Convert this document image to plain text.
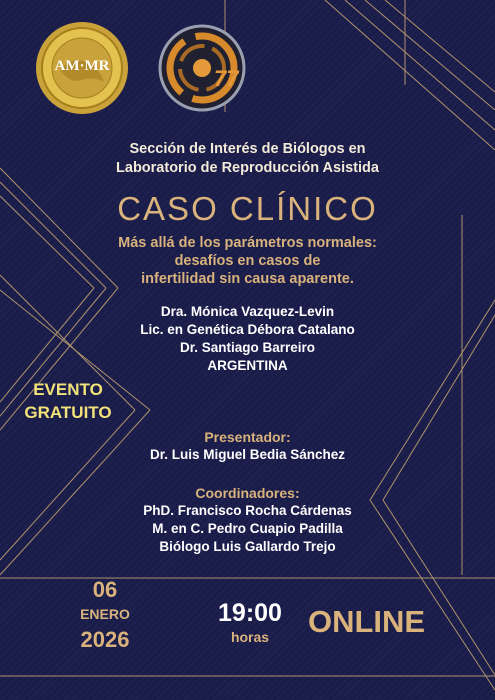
AM·MR	77
Sección de Interés de Biólogos en
Laboratorio de Reproducción Asistida
CASO CLÍNICO
Más allá de los parámetros normales:
desafíos en casos de
infertilidad sin causa aparente.
Dra. Mónica Vazquez-Levin
Lic. en Genética Débora Catalano
Dr. Santiago Barreiro
ARGENTINA
EVENTO
GRATUITO
Presentador:
Dr. Luis Miguel Bedia Sánchez
Coordinadores:
PhD. Francisco Rocha Cárdenas
M. en C. Pedro Cuapio Padilla
Biólogo Luis Gallardo Trejo
06
ENERO
2026
19:00
horas	ONLINE
